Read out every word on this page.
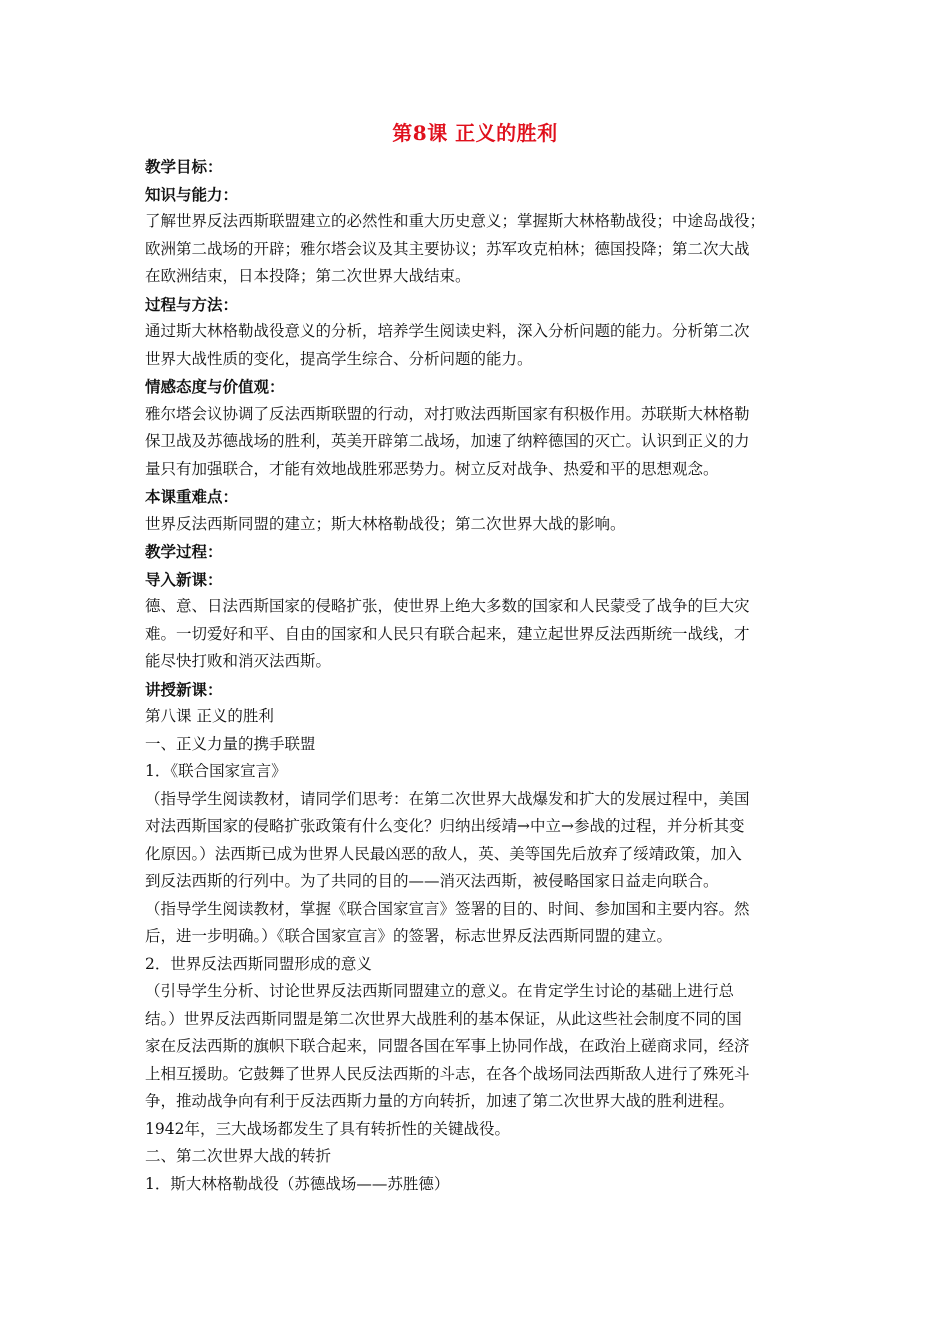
第8课 正义的胜利

教学目标：

知识与能力：

了解世界反法西斯联盟建立的必然性和重大历史意义；掌握斯大林格勒战役；中途岛战役；

欧洲第二战场的开辟；雅尔塔会议及其主要协议；苏军攻克柏林；德国投降；第二次大战

在欧洲结束，日本投降；第二次世界大战结束。

过程与方法：

通过斯大林格勒战役意义的分析，培养学生阅读史料，深入分析问题的能力。分析第二次

世界大战性质的变化，提高学生综合、分析问题的能力。

情感态度与价值观：

雅尔塔会议协调了反法西斯联盟的行动，对打败法西斯国家有积极作用。苏联斯大林格勒

保卫战及苏德战场的胜利，英美开辟第二战场，加速了纳粹德国的灭亡。认识到正义的力

量只有加强联合，才能有效地战胜邪恶势力。树立反对战争、热爱和平的思想观念。

本课重难点：

世界反法西斯同盟的建立；斯大林格勒战役；第二次世界大战的影响。

教学过程：

导入新课：

德、意、日法西斯国家的侵略扩张，使世界上绝大多数的国家和人民蒙受了战争的巨大灾

难。一切爱好和平、自由的国家和人民只有联合起来，建立起世界反法西斯统一战线，才

能尽快打败和消灭法西斯。

讲授新课：

第八课 正义的胜利

一、正义力量的携手联盟

1．《联合国家宣言》

（指导学生阅读教材，请同学们思考：在第二次世界大战爆发和扩大的发展过程中，美国

对法西斯国家的侵略扩张政策有什么变化？归纳出绥靖→中立→参战的过程，并分析其变

化原因。）法西斯已成为世界人民最凶恶的敌人，英、美等国先后放弃了绥靖政策，加入

到反法西斯的行列中。为了共同的目的——消灭法西斯，被侵略国家日益走向联合。

（指导学生阅读教材，掌握《联合国家宣言》签署的目的、时间、参加国和主要内容。然

后，进一步明确。）《联合国家宣言》的签署，标志世界反法西斯同盟的建立。

2．世界反法西斯同盟形成的意义

（引导学生分析、讨论世界反法西斯同盟建立的意义。在肯定学生讨论的基础上进行总

结。）世界反法西斯同盟是第二次世界大战胜利的基本保证，从此这些社会制度不同的国

家在反法西斯的旗帜下联合起来，同盟各国在军事上协同作战，在政治上磋商求同，经济

上相互援助。它鼓舞了世界人民反法西斯的斗志，在各个战场同法西斯敌人进行了殊死斗

争，推动战争向有利于反法西斯力量的方向转折，加速了第二次世界大战的胜利进程。

1942年，三大战场都发生了具有转折性的关键战役。

二、第二次世界大战的转折

1．斯大林格勒战役（苏德战场——苏胜德）
